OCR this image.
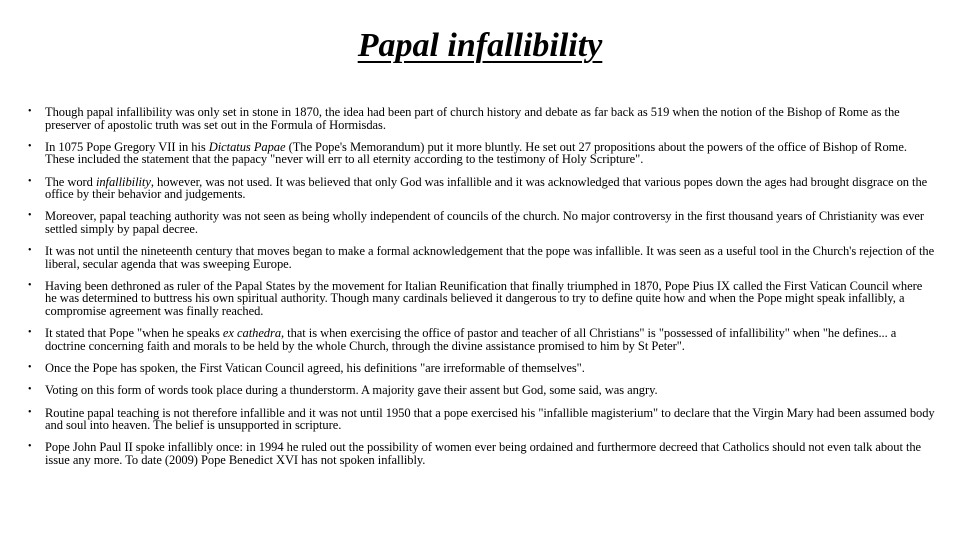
Papal infallibility
• Though papal infallibility was only set in stone in 1870, the idea had been part of church history and debate as far back as 519 when the notion of the Bishop of Rome as the preserver of apostolic truth was set out in the Formula of Hormisdas.
• In 1075 Pope Gregory VII in his Dictatus Papae (The Pope's Memorandum) put it more bluntly. He set out 27 propositions about the powers of the office of Bishop of Rome. These included the statement that the papacy "never will err to all eternity according to the testimony of Holy Scripture".
• The word infallibility, however, was not used. It was believed that only God was infallible and it was acknowledged that various popes down the ages had brought disgrace on the office by their behavior and judgements.
• Moreover, papal teaching authority was not seen as being wholly independent of councils of the church. No major controversy in the first thousand years of Christianity was ever settled simply by papal decree.
• It was not until the nineteenth century that moves began to make a formal acknowledgement that the pope was infallible. It was seen as a useful tool in the Church's rejection of the liberal, secular agenda that was sweeping Europe.
• Having been dethroned as ruler of the Papal States by the movement for Italian Reunification that finally triumphed in 1870, Pope Pius IX called the First Vatican Council where he was determined to buttress his own spiritual authority. Though many cardinals believed it dangerous to try to define quite how and when the Pope might speak infallibly, a compromise agreement was finally reached.
• It stated that Pope "when he speaks ex cathedra, that is when exercising the office of pastor and teacher of all Christians" is "possessed of infallibility" when "he defines... a doctrine concerning faith and morals to be held by the whole Church, through the divine assistance promised to him by St Peter".
• Once the Pope has spoken, the First Vatican Council agreed, his definitions "are irreformable of themselves".
• Voting on this form of words took place during a thunderstorm. A majority gave their assent but God, some said, was angry.
• Routine papal teaching is not therefore infallible and it was not until 1950 that a pope exercised his "infallible magisterium" to declare that the Virgin Mary had been assumed body and soul into heaven. The belief is unsupported in scripture.
• Pope John Paul II spoke infallibly once: in 1994 he ruled out the possibility of women ever being ordained and furthermore decreed that Catholics should not even talk about the issue any more. To date (2009) Pope Benedict XVI has not spoken infallibly.
